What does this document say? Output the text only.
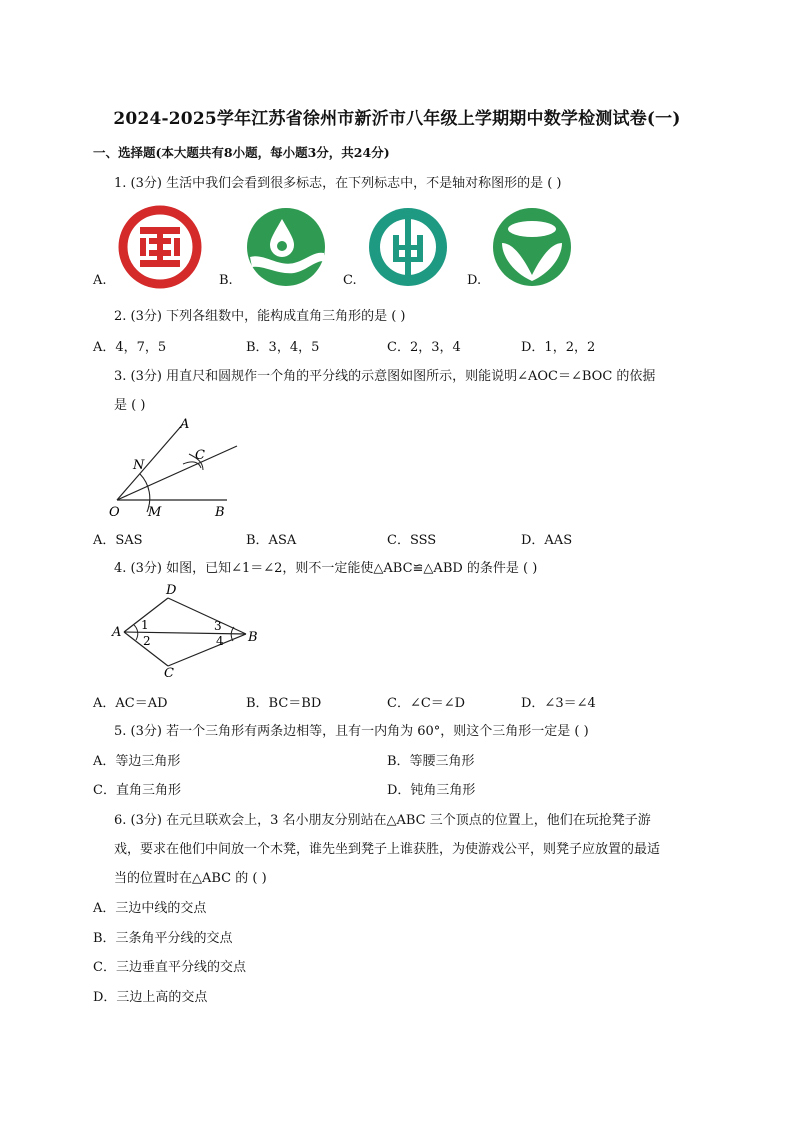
2024-2025学年江苏省徐州市新沂市八年级上学期期中数学检测试卷(一)
一、选择题(本大题共有8小题，每小题3分，共24分)
1. (3分) 生活中我们会看到很多标志，在下列标志中，不是轴对称图形的是 ( )
A.	B.	C.	D.
2. (3分) 下列各组数中，能构成直角三角形的是 ( )
A．4，7，5	B．3，4，5	C．2，3，4	D．1，2，2
3. (3分) 用直尺和圆规作一个角的平分线的示意图如图所示，则能说明∠AOC＝∠BOC 的依据
是 ( )
A
N
C
O M	B
A．SAS	B．ASA	C．SSS	D．AAS
4. (3分) 如图，已知∠1＝∠2，则不一定能使△ABC≌△ABD 的条件是 ( )
D
A	B
C
1
2
3
4
A．AC＝AD	B．BC＝BD	C．∠C＝∠D	D．∠3＝∠4
5. (3分) 若一个三角形有两条边相等，且有一内角为 60°，则这个三角形一定是 ( )
A．等边三角形	B．等腰三角形
C．直角三角形	D．钝角三角形
6. (3分) 在元旦联欢会上，3 名小朋友分别站在△ABC 三个顶点的位置上，他们在玩抢凳子游
戏，要求在他们中间放一个木凳，谁先坐到凳子上谁获胜，为使游戏公平，则凳子应放置的最适
当的位置时在△ABC 的 ( )
A．三边中线的交点
B．三条角平分线的交点
C．三边垂直平分线的交点
D．三边上高的交点
